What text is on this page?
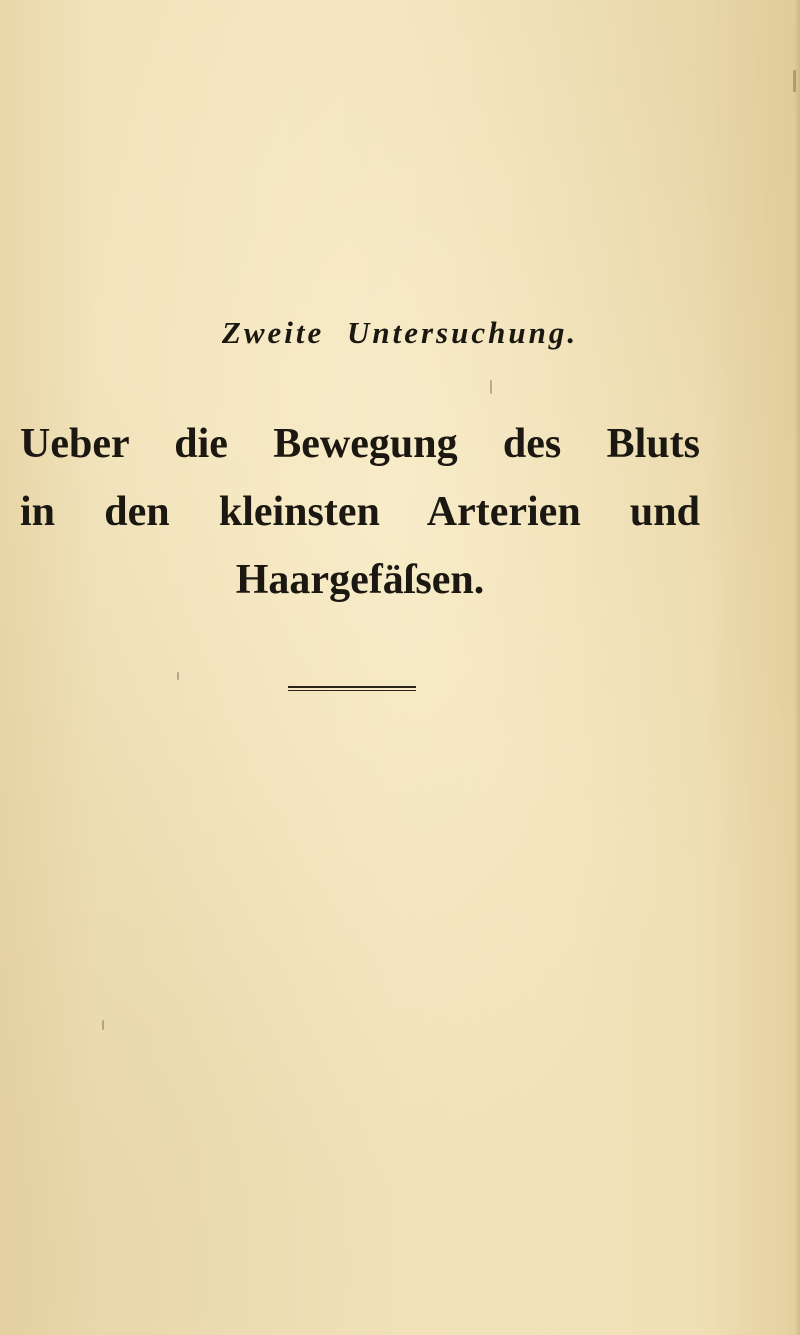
Zweite Untersuchung.
Ueber die Bewegung des Bluts
in den kleinsten Arterien und
Haargefäſsen.
